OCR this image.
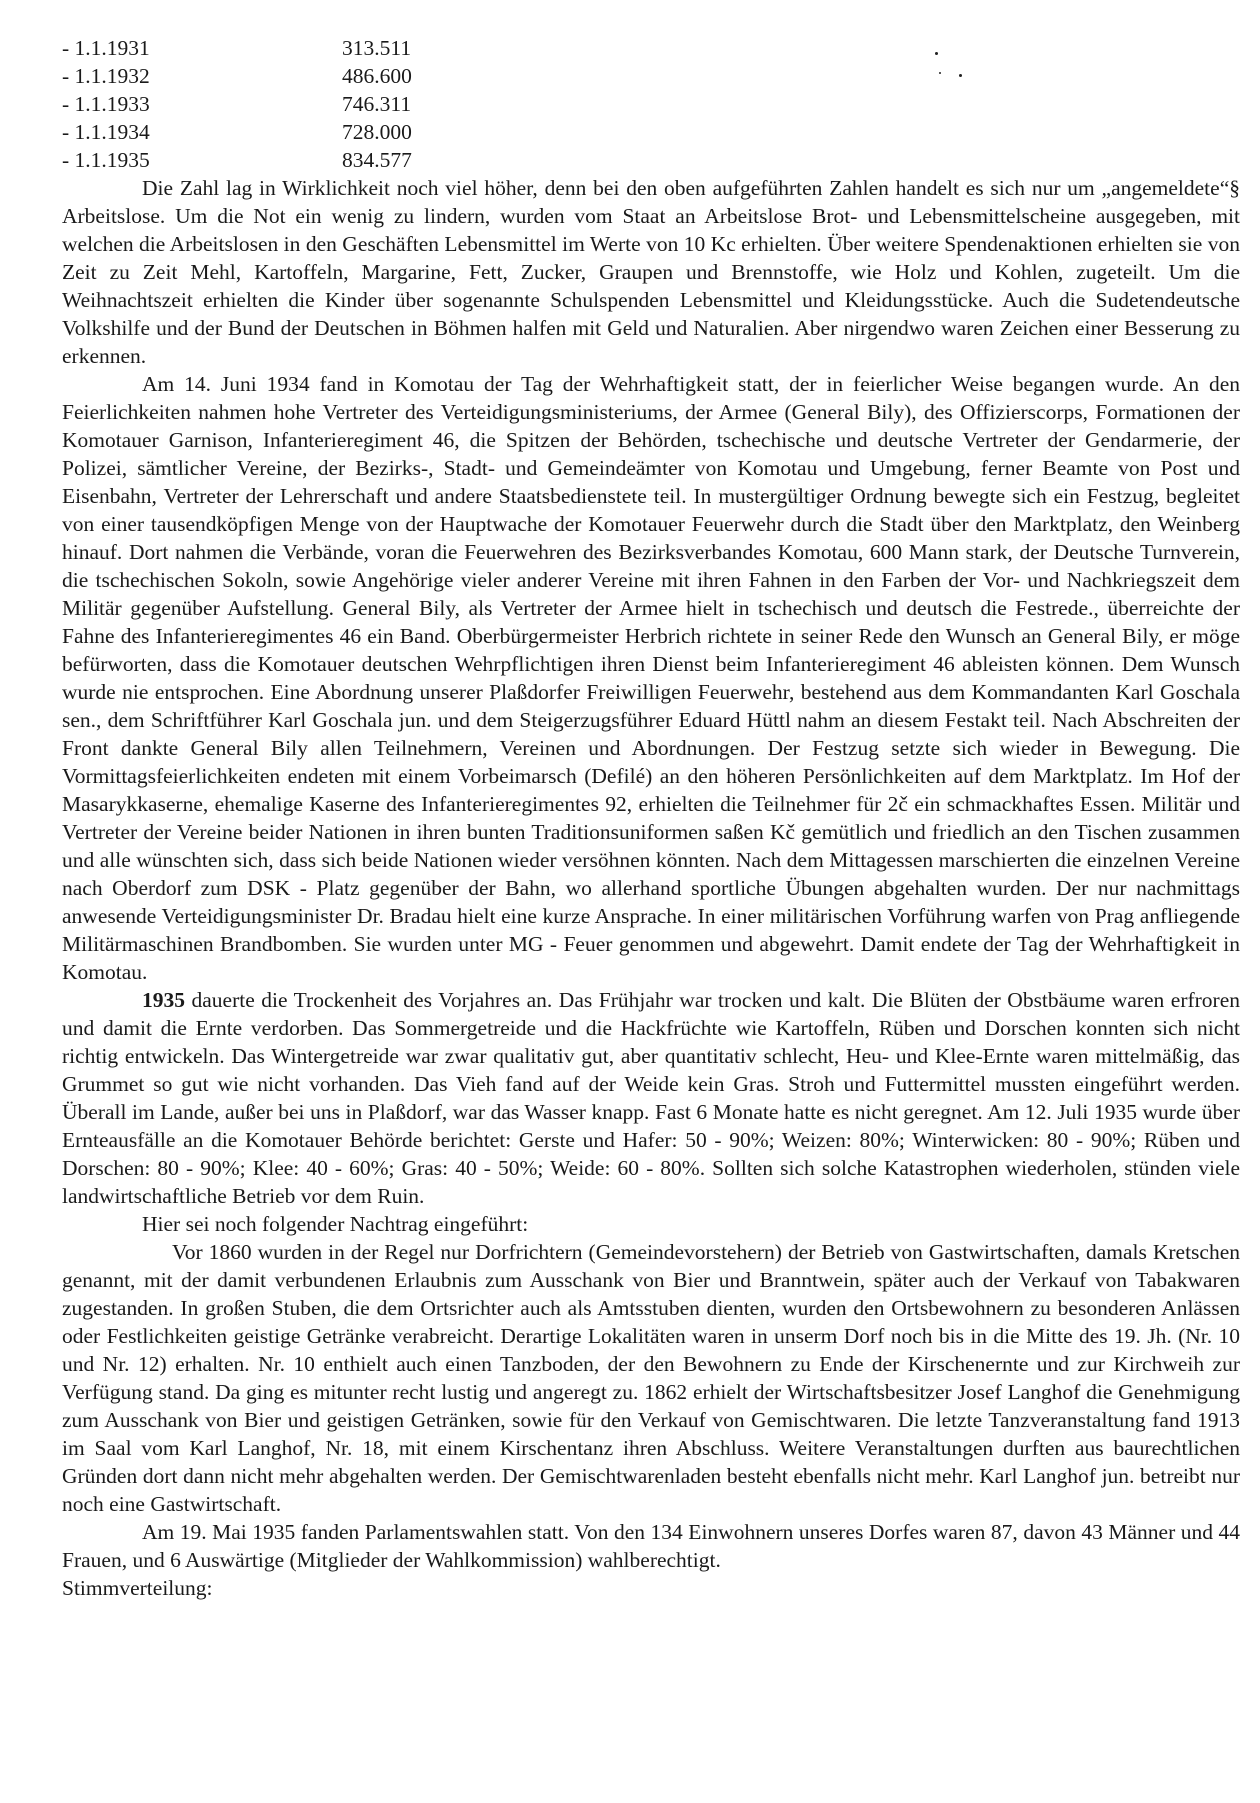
- 1.1.1931	313.511
- 1.1.1932	486.600
- 1.1.1933	746.311
- 1.1.1934	728.000
- 1.1.1935	834.577

Die Zahl lag in Wirklichkeit noch viel höher, denn bei den oben aufgeführten Zahlen handelt es sich nur um „angemeldete“§ Arbeitslose. Um die Not ein wenig zu lindern, wurden vom Staat an Arbeitslose Brot- und Lebensmittelscheine ausgegeben, mit welchen die Arbeitslosen in den Geschäften Lebensmittel im Werte von 10 Kc erhielten. Über weitere Spendenaktionen erhielten sie von Zeit zu Zeit Mehl, Kartoffeln, Margarine, Fett, Zucker, Graupen und Brennstoffe, wie Holz und Kohlen, zugeteilt. Um die Weihnachtszeit erhielten die Kinder über sogenannte Schulspenden Lebensmittel und Kleidungsstücke. Auch die Sudetendeutsche Volkshilfe und der Bund der Deutschen in Böhmen halfen mit Geld und Naturalien. Aber nirgendwo waren Zeichen einer Besserung zu erkennen.

Am 14. Juni 1934 fand in Komotau der Tag der Wehrhaftigkeit statt, der in feierlicher Weise begangen wurde. An den Feierlichkeiten nahmen hohe Vertreter des Verteidigungsministeriums, der Armee (General Bily), des Offizierscorps, Formationen der Komotauer Garnison, Infanterieregiment 46, die Spitzen der Behörden, tschechische und deutsche Vertreter der Gendarmerie, der Polizei, sämtlicher Vereine, der Bezirks-, Stadt- und Gemeindeämter von Komotau und Umgebung, ferner Beamte von Post und Eisenbahn, Vertreter der Lehrerschaft und andere Staatsbedienstete teil. In mustergültiger Ordnung bewegte sich ein Festzug, begleitet von einer tausendköpfigen Menge von der Hauptwache der Komotauer Feuerwehr durch die Stadt über den Marktplatz, den Weinberg hinauf. Dort nahmen die Verbände, voran die Feuerwehren des Bezirksverbandes Komotau, 600 Mann stark, der Deutsche Turnverein, die tschechischen Sokoln, sowie Angehörige vieler anderer Vereine mit ihren Fahnen in den Farben der Vor- und Nachkriegszeit dem Militär gegenüber Aufstellung. General Bily, als Vertreter der Armee hielt in tschechisch und deutsch die Festrede., überreichte der Fahne des Infanterieregimentes 46 ein Band. Oberbürgermeister Herbrich richtete in seiner Rede den Wunsch an General Bily, er möge befürworten, dass die Komotauer deutschen Wehrpflichtigen ihren Dienst beim Infanterieregiment 46 ableisten können. Dem Wunsch wurde nie entsprochen. Eine Abordnung unserer Plaßdorfer Freiwilligen Feuerwehr, bestehend aus dem Kommandanten Karl Goschala sen., dem Schriftführer Karl Goschala jun. und dem Steigerzugsführer Eduard Hüttl nahm an diesem Festakt teil. Nach Abschreiten der Front dankte General Bily allen Teilnehmern, Vereinen und Abordnungen. Der Festzug setzte sich wieder in Bewegung. Die Vormittagsfeierlichkeiten endeten mit einem Vorbeimarsch (Defilé) an den höheren Persönlichkeiten auf dem Marktplatz. Im Hof der Masarykkaserne, ehemalige Kaserne des Infanterieregimentes 92, erhielten die Teilnehmer für 2č ein schmackhaftes Essen. Militär und Vertreter der Vereine beider Nationen in ihren bunten Traditionsuniformen saßen Kč gemütlich und friedlich an den Tischen zusammen und alle wünschten sich, dass sich beide Nationen wieder versöhnen könnten. Nach dem Mittagessen marschierten die einzelnen Vereine nach Oberdorf zum DSK - Platz gegenüber der Bahn, wo allerhand sportliche Übungen abgehalten wurden. Der nur nachmittags anwesende Verteidigungsminister Dr. Bradau hielt eine kurze Ansprache. In einer militärischen Vorführung warfen von Prag anfliegende Militärmaschinen Brandbomben. Sie wurden unter MG - Feuer genommen und abgewehrt. Damit endete der Tag der Wehrhaftigkeit in Komotau.

1935 dauerte die Trockenheit des Vorjahres an. Das Frühjahr war trocken und kalt. Die Blüten der Obstbäume waren erfroren und damit die Ernte verdorben. Das Sommergetreide und die Hackfrüchte wie Kartoffeln, Rüben und Dorschen konnten sich nicht richtig entwickeln. Das Wintergetreide war zwar qualitativ gut, aber quantitativ schlecht, Heu- und Klee-Ernte waren mittelmäßig, das Grummet so gut wie nicht vorhanden. Das Vieh fand auf der Weide kein Gras. Stroh und Futtermittel mussten eingeführt werden. Überall im Lande, außer bei uns in Plaßdorf, war das Wasser knapp. Fast 6 Monate hatte es nicht geregnet. Am 12. Juli 1935 wurde über Ernteausfälle an die Komotauer Behörde berichtet: Gerste und Hafer: 50 - 90%; Weizen: 80%; Winterwicken: 80 - 90%; Rüben und Dorschen: 80 - 90%; Klee: 40 - 60%; Gras: 40 - 50%; Weide: 60 - 80%. Sollten sich solche Katastrophen wiederholen, stünden viele landwirtschaftliche Betrieb vor dem Ruin.

Hier sei noch folgender Nachtrag eingeführt:

Vor 1860 wurden in der Regel nur Dorfrichtern (Gemeindevorstehern) der Betrieb von Gastwirtschaften, damals Kretschen genannt, mit der damit verbundenen Erlaubnis zum Ausschank von Bier und Branntwein, später auch der Verkauf von Tabakwaren zugestanden. In großen Stuben, die dem Ortsrichter auch als Amtsstuben dienten, wurden den Ortsbewohnern zu besonderen Anlässen oder Festlichkeiten geistige Getränke verabreicht. Derartige Lokalitäten waren in unserm Dorf noch bis in die Mitte des 19. Jh. (Nr. 10 und Nr. 12) erhalten. Nr. 10 enthielt auch einen Tanzboden, der den Bewohnern zu Ende der Kirschenernte und zur Kirchweih zur Verfügung stand. Da ging es mitunter recht lustig und angeregt zu. 1862 erhielt der Wirtschaftsbesitzer Josef Langhof die Genehmigung zum Ausschank von Bier und geistigen Getränken, sowie für den Verkauf von Gemischtwaren. Die letzte Tanzveranstaltung fand 1913 im Saal vom Karl Langhof, Nr. 18, mit einem Kirschentanz ihren Abschluss. Weitere Veranstaltungen durften aus baurechtlichen Gründen dort dann nicht mehr abgehalten werden. Der Gemischtwarenladen besteht ebenfalls nicht mehr. Karl Langhof jun. betreibt nur noch eine Gastwirtschaft.

Am 19. Mai 1935 fanden Parlamentswahlen statt. Von den 134 Einwohnern unseres Dorfes waren 87, davon 43 Männer und 44 Frauen, und 6 Auswärtige (Mitglieder der Wahlkommission) wahlberechtigt.

Stimmverteilung:
